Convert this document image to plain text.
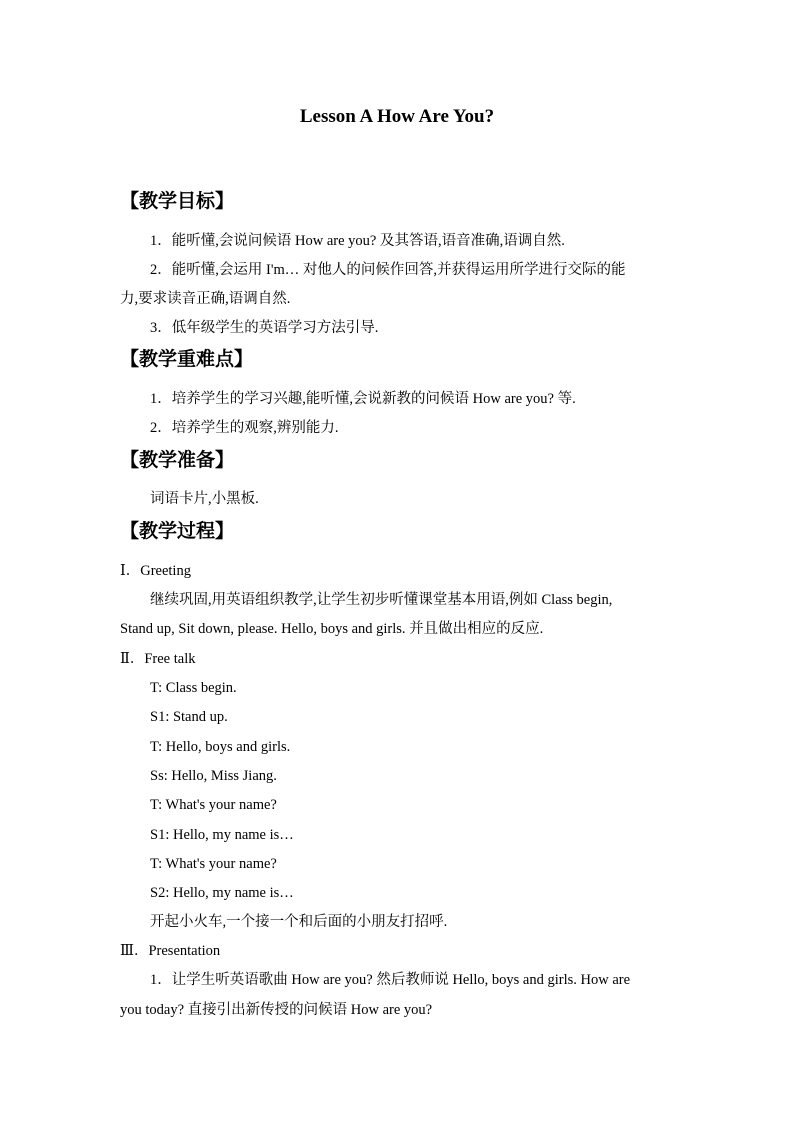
Lesson A How Are You?
【教学目标】
1．能听懂,会说问候语 How are you? 及其答语,语音准确,语调自然.
2．能听懂,会运用 I'm… 对他人的问候作回答,并获得运用所学进行交际的能
力,要求读音正确,语调自然.
3．低年级学生的英语学习方法引导.
【教学重难点】
1．培养学生的学习兴趣,能听懂,会说新教的问候语 How are you? 等.
2．培养学生的观察,辨别能力.
【教学准备】
词语卡片,小黑板.
【教学过程】
Ⅰ．Greeting
继续巩固,用英语组织教学,让学生初步听懂课堂基本用语,例如 Class begin,
Stand up, Sit down, please. Hello, boys and girls. 并且做出相应的反应.
Ⅱ．Free talk
T: Class begin.
S1: Stand up.
T: Hello, boys and girls.
Ss: Hello, Miss Jiang.
T: What's your name?
S1: Hello, my name is…
T: What's your name?
S2: Hello, my name is…
开起小火车,一个接一个和后面的小朋友打招呼.
Ⅲ．Presentation
1．让学生听英语歌曲 How are you? 然后教师说 Hello, boys and girls. How are
you today? 直接引出新传授的问候语 How are you?
